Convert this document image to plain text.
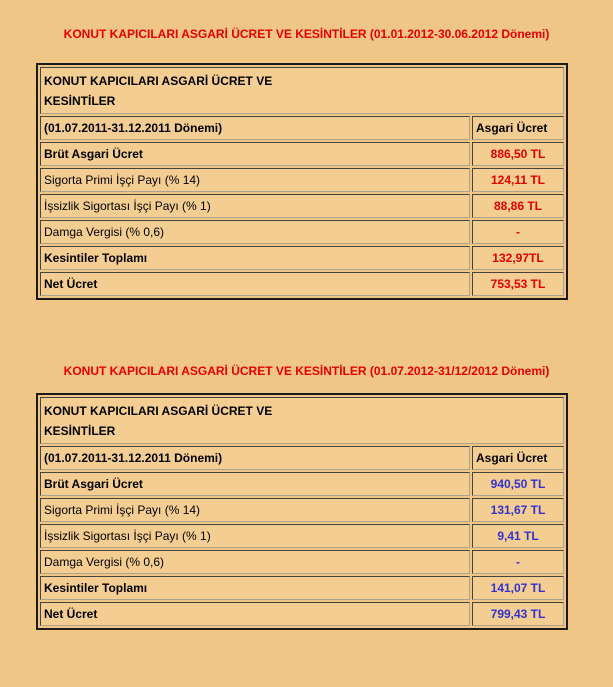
KONUT KAPICILARI ASGARİ ÜCRET VE KESİNTİLER (01.01.2012-30.06.2012 Dönemi)
KONUT KAPICILARI ASGARİ ÜCRET VE
KESİNTİLER	

(01.07.2011-31.12.2011 Dönemi)	Asgari Ücret
Brüt Asgari Ücret	886,50 TL
Sigorta Primi İşçi Payı (% 14)	124,11 TL
İşsizlik Sigortası İşçi Payı (% 1)	88,86 TL
Damga Vergisi (% 0,6)	-
Kesintiler Toplamı	132,97TL
Net Ücret	753,53 TL
KONUT KAPICILARI ASGARİ ÜCRET VE KESİNTİLER (01.07.2012-31/12/2012 Dönemi)
KONUT KAPICILARI ASGARİ ÜCRET VE
KESİNTİLER	

(01.07.2011-31.12.2011 Dönemi)	Asgari Ücret
Brüt Asgari Ücret	940,50 TL
Sigorta Primi İşçi Payı (% 14)	131,67 TL
İşsizlik Sigortası İşçi Payı (% 1)	9,41 TL
Damga Vergisi (% 0,6)	-
Kesintiler Toplamı	141,07 TL
Net Ücret	799,43 TL
